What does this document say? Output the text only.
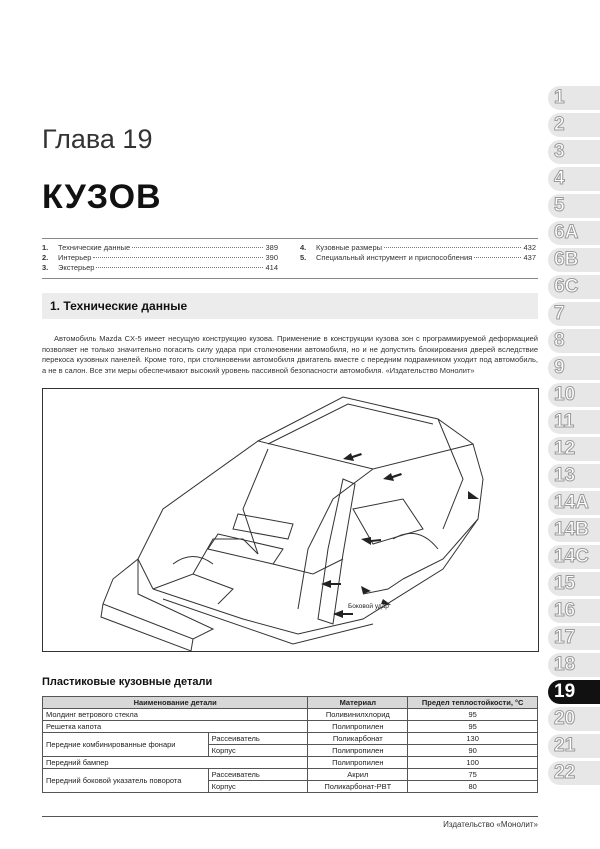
Глава 19
КУЗОВ
1.	Технические данные	389
2.	Интерьер	390
3.	Экстерьер	414
4.	Кузовные размеры	432
5.	Специальный инструмент и приспособления	437
1. Технические данные
Автомобиль Mazda CX-5 имеет несущую конструкцию кузова. Применение в конструкции кузова зон с программируемой деформацией позволяет не только значительно погасить силу удара при столкновении автомобиля, но и не допустить блокирования дверей вследствие перекоса кузовных панелей. Кроме того, при столкновении автомобиля двигатель вместе с передним подрамником уходит под автомобиль, а не в салон. Все эти меры обеспечивают высокий уровень пассивной безопасности автомобиля. «Издательство Монолит»
Боковой удар
Пластиковые кузовные детали
Наименование детали		Материал	Предел теплостойкости, °С
Молдинг ветрового стекла		Поливинилхлорид	95
Решетка капота		Полипропилен	95
Передние комбинированные фонари	Рассеиватель	Поликарбонат	130
	Корпус	Полипропилен	90
Передний бампер		Полипропилен	100
Передний боковой указатель поворота	Рассеиватель	Акрил	75
	Корпус	Поликарбонат-PBT	80
Издательство «Монолит»
1
2
3
4
5
6A
6B
6C
7
8
9
10
11
12
13
14A
14B
14C
15
16
17
18
19
20
21
22
